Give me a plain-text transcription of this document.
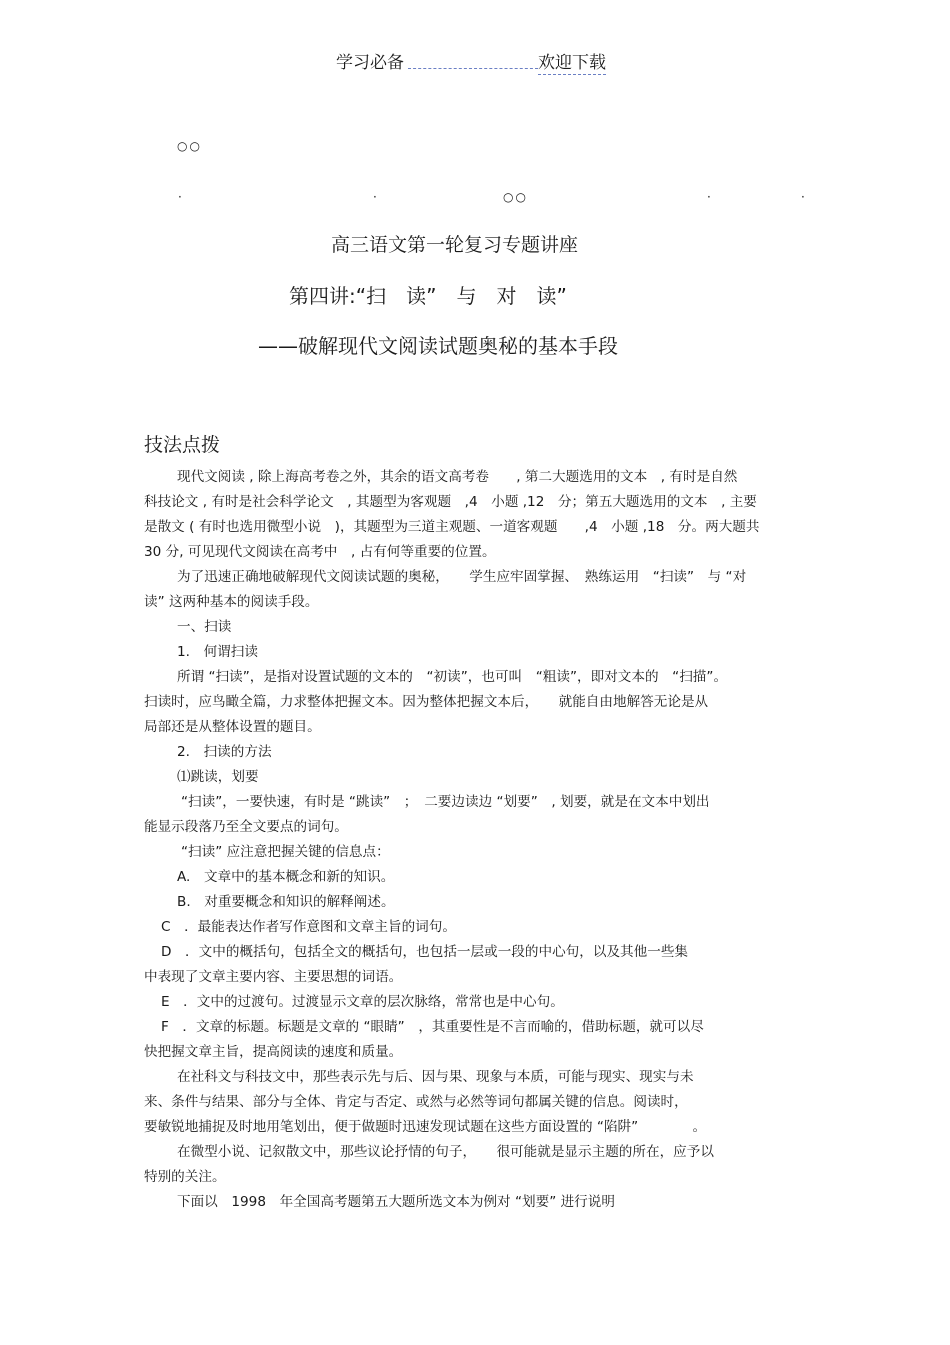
学习必备	欢迎下载
○○
·	·	○○	·	·
高三语文第一轮复习专题讲座
第四讲:“扫　读”　与　对　读”
——破解现代文阅读试题奥秘的基本手段
技法点拨
现代文阅读 , 除上海高考卷之外，其余的语文高考卷　　, 第二大题选用的文本　, 有时是自然
科技论文 , 有时是社会科学论文　, 其题型为客观题　,4　小题 ,12　分；第五大题选用的文本　, 主要
是散文 ( 有时也选用微型小说　)，其题型为三道主观题、一道客观题　　,4　小题 ,18　分。两大题共
30 分, 可见现代文阅读在高考中　, 占有何等重要的位置。
为了迅速正确地破解现代文阅读试题的奥秘，　　学生应牢固掌握、　熟练运用　“扫读”　与 “对
读” 这两种基本的阅读手段。
一、扫读
1.　何谓扫读
所谓 “扫读”，是指对设置试题的文本的　“初读”，也可叫　“粗读”，即对文本的　“扫描”。
扫读时，应鸟瞰全篇，力求整体把握文本。因为整体把握文本后，　　就能自由地解答无论是从
局部还是从整体设置的题目。
2.　扫读的方法
⑴跳读，划要
“扫读”，一要快速，有时是 “跳读”　；　二要边读边 “划要”　, 划要，就是在文本中划出
能显示段落乃至全文要点的词句。
“扫读” 应注意把握关键的信息点：
A.　文章中的基本概念和新的知识。
B.　对重要概念和知识的解释阐述。
C　．最能表达作者写作意图和文章主旨的词句。
D　．文中的概括句，包括全文的概括句，也包括一层或一段的中心句，以及其他一些集
中表现了文章主要内容、主要思想的词语。
E　．文中的过渡句。过渡显示文章的层次脉络，常常也是中心句。
F　．文章的标题。标题是文章的 “眼睛”　，其重要性是不言而喻的，借助标题，就可以尽
快把握文章主旨，提高阅读的速度和质量。
在社科文与科技文中，那些表示先与后、因与果、现象与本质，可能与现实、现实与未
来、条件与结果、部分与全体、肯定与否定、或然与必然等词句都属关键的信息。阅读时，
要敏锐地捕捉及时地用笔划出，便于做题时迅速发现试题在这些方面设置的 “陷阱”　　　　。
在微型小说、记叙散文中，那些议论抒情的句子，　　很可能就是显示主题的所在，应予以
特别的关注。
下面以　1998　年全国高考题第五大题所选文本为例对 “划要” 进行说明
